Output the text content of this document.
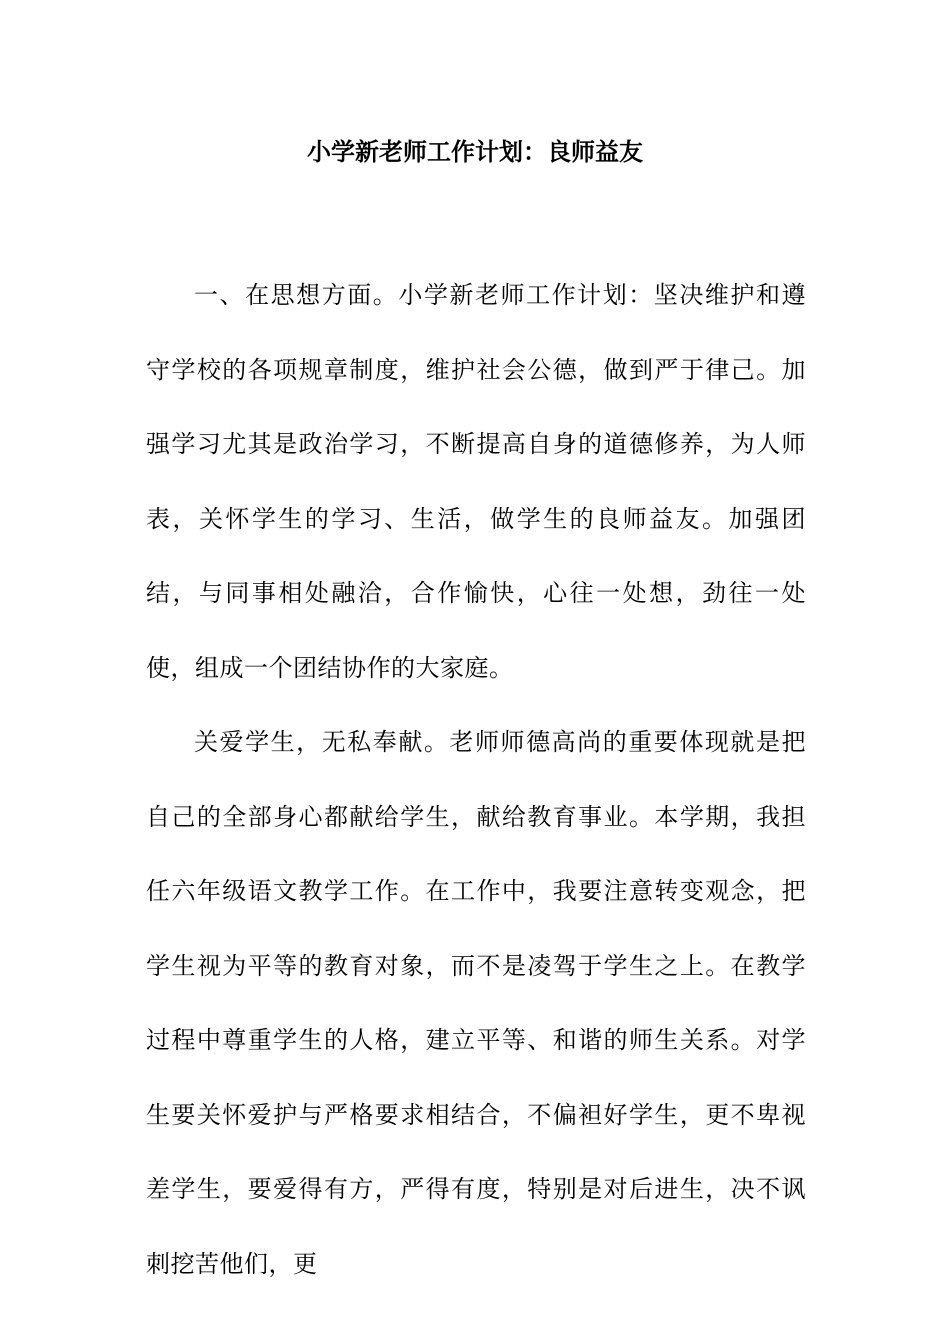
小学新老师工作计划：良师益友

一、在思想方面。小学新老师工作计划：坚决维护和遵守学校的各项规章制度，维护社会公德，做到严于律己。加强学习尤其是政治学习，不断提高自身的道德修养，为人师表，关怀学生的学习、生活，做学生的良师益友。加强团结，与同事相处融洽，合作愉快，心往一处想，劲往一处使，组成一个团结协作的大家庭。

关爱学生，无私奉献。老师师德高尚的重要体现就是把自己的全部身心都献给学生，献给教育事业。本学期，我担任六年级语文教学工作。在工作中，我要注意转变观念，把学生视为平等的教育对象，而不是凌驾于学生之上。在教学过程中尊重学生的人格，建立平等、和谐的师生关系。对学生要关怀爱护与严格要求相结合，不偏袒好学生，更不卑视差学生，要爱得有方，严得有度，特别是对后进生，决不讽刺挖苦他们，更
